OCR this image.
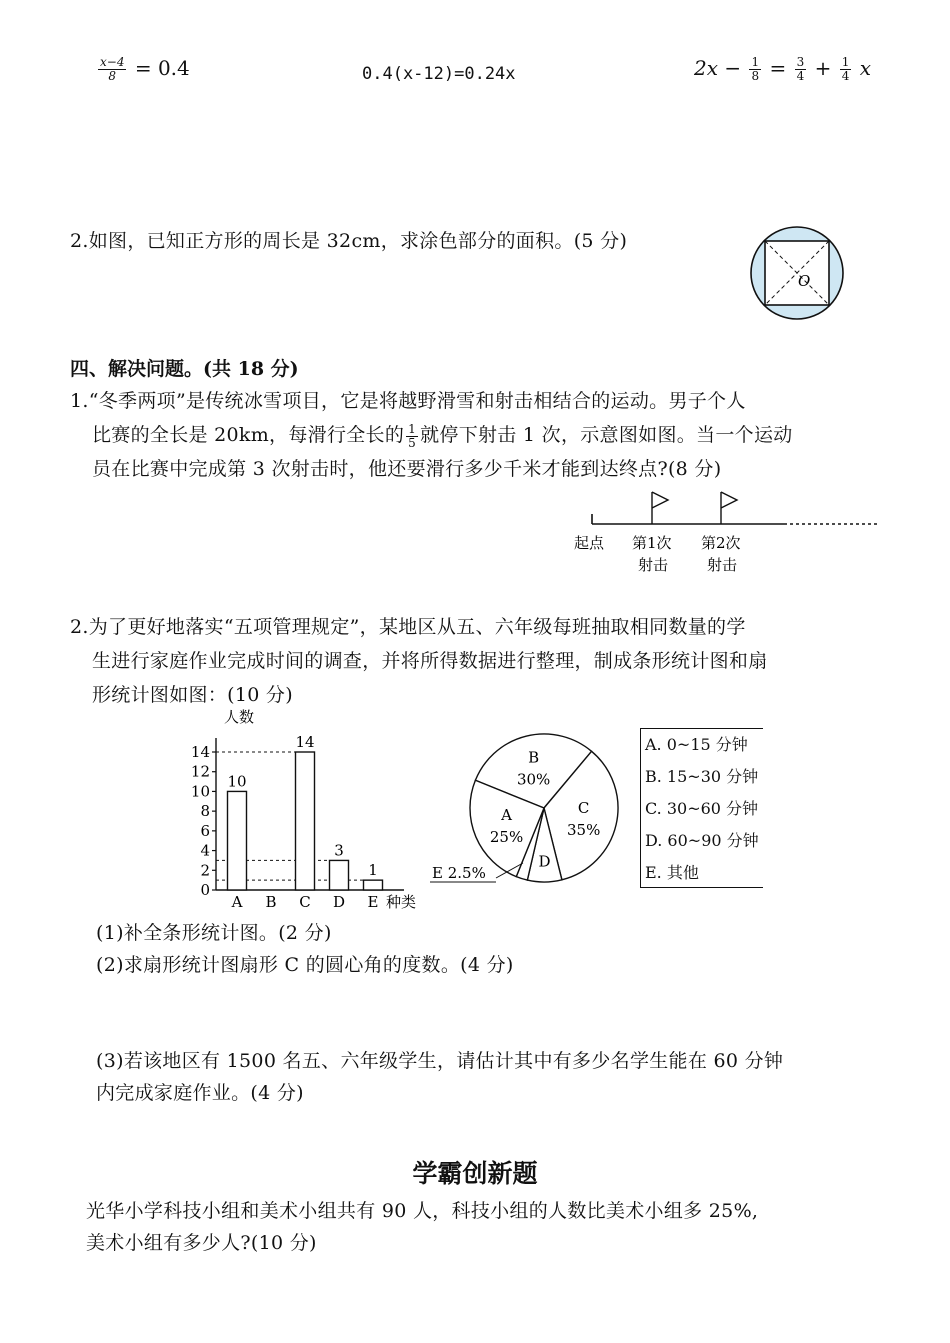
$\frac{x-4}{8} = 0.4$	0.4(x-12)=0.24x	$2x - \frac{1}{8} = \frac{3}{4} + \frac{1}{4}$ x
2.如图，已知正方形的周长是 32cm，求涂色部分的面积。(5 分)
O
四、解决问题。(共 18 分)
1.“冬季两项”是传统冰雪项目，它是将越野滑雪和射击相结合的运动。男子个人
比赛的全长是 20km，每滑行全长的 $\frac{1}{5}$ 就停下射击 1 次，示意图如图。当一个运动
员在比赛中完成第 3 次射击时，他还要滑行多少千米才能到达终点?(8 分)
起点 第1次
射击
第2次
射击
2.为了更好地落实“五项管理规定”，某地区从五、六年级每班抽取相同数量的学
生进行家庭作业完成时间的调查，并将所得数据进行整理，制成条形统计图和扇
形统计图如图：(10 分)
人数
0
2
4
6
8
10
12
14
10
A B
14
C
3
D
1
E 种类
B
30%
C
35%
D
A
25%
E 2.5%
A. 0~15 分钟
B. 15~30 分钟
C. 30~60 分钟
D. 60~90 分钟
E. 其他
(1)补全条形统计图。(2 分)
(2)求扇形统计图扇形 C 的圆心角的度数。(4 分)
(3)若该地区有 1500 名五、六年级学生，请估计其中有多少名学生能在 60 分钟
内完成家庭作业。(4 分)
学霸创新题
光华小学科技小组和美术小组共有 90 人，科技小组的人数比美术小组多 25%,
美术小组有多少人?(10 分)
